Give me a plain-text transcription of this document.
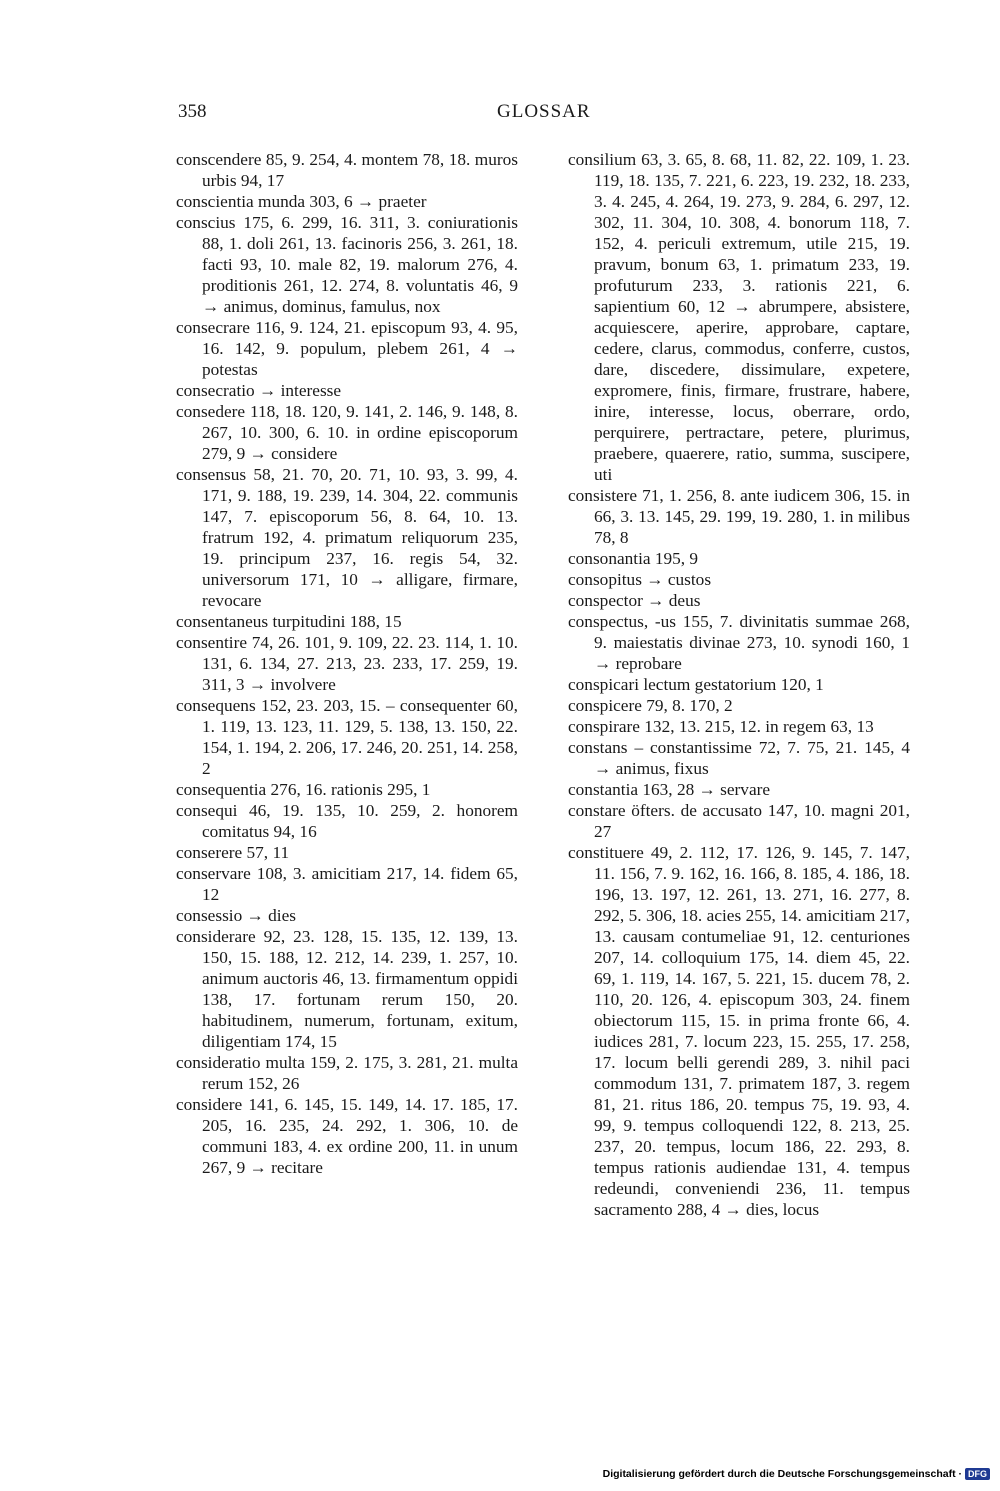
358	GLOSSAR

conscendere 85, 9. 254, 4. montem 78, 18. muros urbis 94, 17

conscientia munda 303, 6 → praeter

conscius 175, 6. 299, 16. 311, 3. coniurationis 88, 1. doli 261, 13. facinoris 256, 3. 261, 18. facti 93, 10. male 82, 19. malorum 276, 4. proditionis 261, 12. 274, 8. voluntatis 46, 9 → animus, dominus, famulus, nox

consecrare 116, 9. 124, 21. episcopum 93, 4. 95, 16. 142, 9. populum, plebem 261, 4 → potestas

consecratio → interesse

consedere 118, 18. 120, 9. 141, 2. 146, 9. 148, 8. 267, 10. 300, 6. 10. in ordine episcoporum 279, 9 → considere

consensus 58, 21. 70, 20. 71, 10. 93, 3. 99, 4. 171, 9. 188, 19. 239, 14. 304, 22. communis 147, 7. episcoporum 56, 8. 64, 10. 13. fratrum 192, 4. primatum reliquorum 235, 19. principum 237, 16. regis 54, 32. universorum 171, 10 → alligare, firmare, revocare

consentaneus turpitudini 188, 15

consentire 74, 26. 101, 9. 109, 22. 23. 114, 1. 10. 131, 6. 134, 27. 213, 23. 233, 17. 259, 19. 311, 3 → involvere

consequens 152, 23. 203, 15. – consequenter 60, 1. 119, 13. 123, 11. 129, 5. 138, 13. 150, 22. 154, 1. 194, 2. 206, 17. 246, 20. 251, 14. 258, 2

consequentia 276, 16. rationis 295, 1

consequi 46, 19. 135, 10. 259, 2. honorem comitatus 94, 16

conserere 57, 11

conservare 108, 3. amicitiam 217, 14. fidem 65, 12

consessio → dies

considerare 92, 23. 128, 15. 135, 12. 139, 13. 150, 15. 188, 12. 212, 14. 239, 1. 257, 10. animum auctoris 46, 13. firmamentum oppidi 138, 17. fortunam rerum 150, 20. habitudinem, numerum, fortunam, exitum, diligentiam 174, 15

consideratio multa 159, 2. 175, 3. 281, 21. multa rerum 152, 26

considere 141, 6. 145, 15. 149, 14. 17. 185, 17. 205, 16. 235, 24. 292, 1. 306, 10. de communi 183, 4. ex ordine 200, 11. in unum 267, 9 → recitare

consilium 63, 3. 65, 8. 68, 11. 82, 22. 109, 1. 23. 119, 18. 135, 7. 221, 6. 223, 19. 232, 18. 233, 3. 4. 245, 4. 264, 19. 273, 9. 284, 6. 297, 12. 302, 11. 304, 10. 308, 4. bonorum 118, 7. 152, 4. periculi extremum, utile 215, 19. pravum, bonum 63, 1. primatum 233, 19. profuturum 233, 3. rationis 221, 6. sapientium 60, 12 → abrumpere, absistere, acquiescere, aperire, approbare, captare, cedere, clarus, commodus, conferre, custos, dare, discedere, dissimulare, expetere, expromere, finis, firmare, frustrare, habere, inire, interesse, locus, oberrare, ordo, perquirere, pertractare, petere, plurimus, praebere, quaerere, ratio, summa, suscipere, uti

consistere 71, 1. 256, 8. ante iudicem 306, 15. in 66, 3. 13. 145, 29. 199, 19. 280, 1. in milibus 78, 8

consonantia 195, 9

consopitus → custos

conspector → deus

conspectus, -us 155, 7. divinitatis summae 268, 9. maiestatis divinae 273, 10. synodi 160, 1 → reprobare

conspicari lectum gestatorium 120, 1

conspicere 79, 8. 170, 2

conspirare 132, 13. 215, 12. in regem 63, 13

constans – constantissime 72, 7. 75, 21. 145, 4 → animus, fixus

constantia 163, 28 → servare

constare öfters. de accusato 147, 10. magni 201, 27

constituere 49, 2. 112, 17. 126, 9. 145, 7. 147, 11. 156, 7. 9. 162, 16. 166, 8. 185, 4. 186, 18. 196, 13. 197, 12. 261, 13. 271, 16. 277, 8. 292, 5. 306, 18. acies 255, 14. amicitiam 217, 13. causam contumeliae 91, 12. centuriones 207, 14. colloquium 175, 14. diem 45, 22. 69, 1. 119, 14. 167, 5. 221, 15. ducem 78, 2. 110, 20. 126, 4. episcopum 303, 24. finem obiectorum 115, 15. in prima fronte 66, 4. iudices 281, 7. locum 223, 15. 255, 17. 258, 17. locum belli gerendi 289, 3. nihil paci commodum 131, 7. primatem 187, 3. regem 81, 21. ritus 186, 20. tempus 75, 19. 93, 4. 99, 9. tempus colloquendi 122, 8. 213, 25. 237, 20. tempus, locum 186, 22. 293, 8. tempus rationis audiendae 131, 4. tempus redeundi, conveniendi 236, 11. tempus sacramento 288, 4 → dies, locus

Digitalisierung gefördert durch die Deutsche Forschungsgemeinschaft · DFG
